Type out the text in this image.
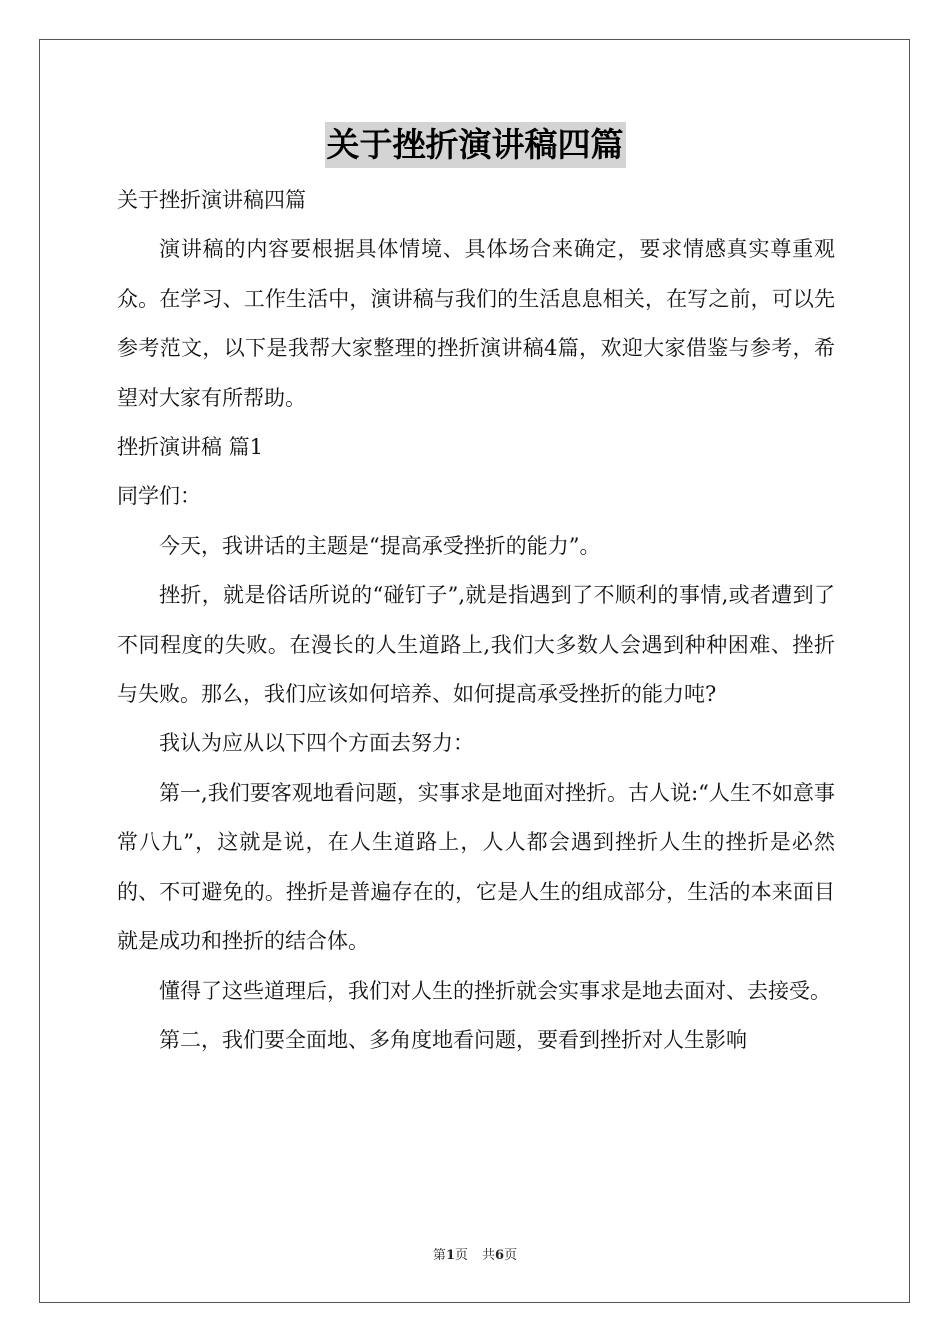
关于挫折演讲稿四篇

关于挫折演讲稿四篇

演讲稿的内容要根据具体情境、具体场合来确定，要求情感真实尊重观众。在学习、工作生活中，演讲稿与我们的生活息息相关，在写之前，可以先参考范文，以下是我帮大家整理的挫折演讲稿4篇，欢迎大家借鉴与参考，希望对大家有所帮助。

挫折演讲稿 篇1

同学们：

今天，我讲话的主题是“提高承受挫折的能力”。

挫折，就是俗话所说的“碰钉子”,就是指遇到了不顺利的事情,或者遭到了不同程度的失败。在漫长的人生道路上,我们大多数人会遇到种种困难、挫折与失败。那么，我们应该如何培养、如何提高承受挫折的能力吨?

我认为应从以下四个方面去努力：

第一,我们要客观地看问题，实事求是地面对挫折。古人说:“人生不如意事常八九”，这就是说，在人生道路上，人人都会遇到挫折人生的挫折是必然的、不可避免的。挫折是普遍存在的，它是人生的组成部分，生活的本来面目就是成功和挫折的结合体。

懂得了这些道理后，我们对人生的挫折就会实事求是地去面对、去接受。

第二，我们要全面地、多角度地看问题，要看到挫折对人生影响

第1页 共6页
